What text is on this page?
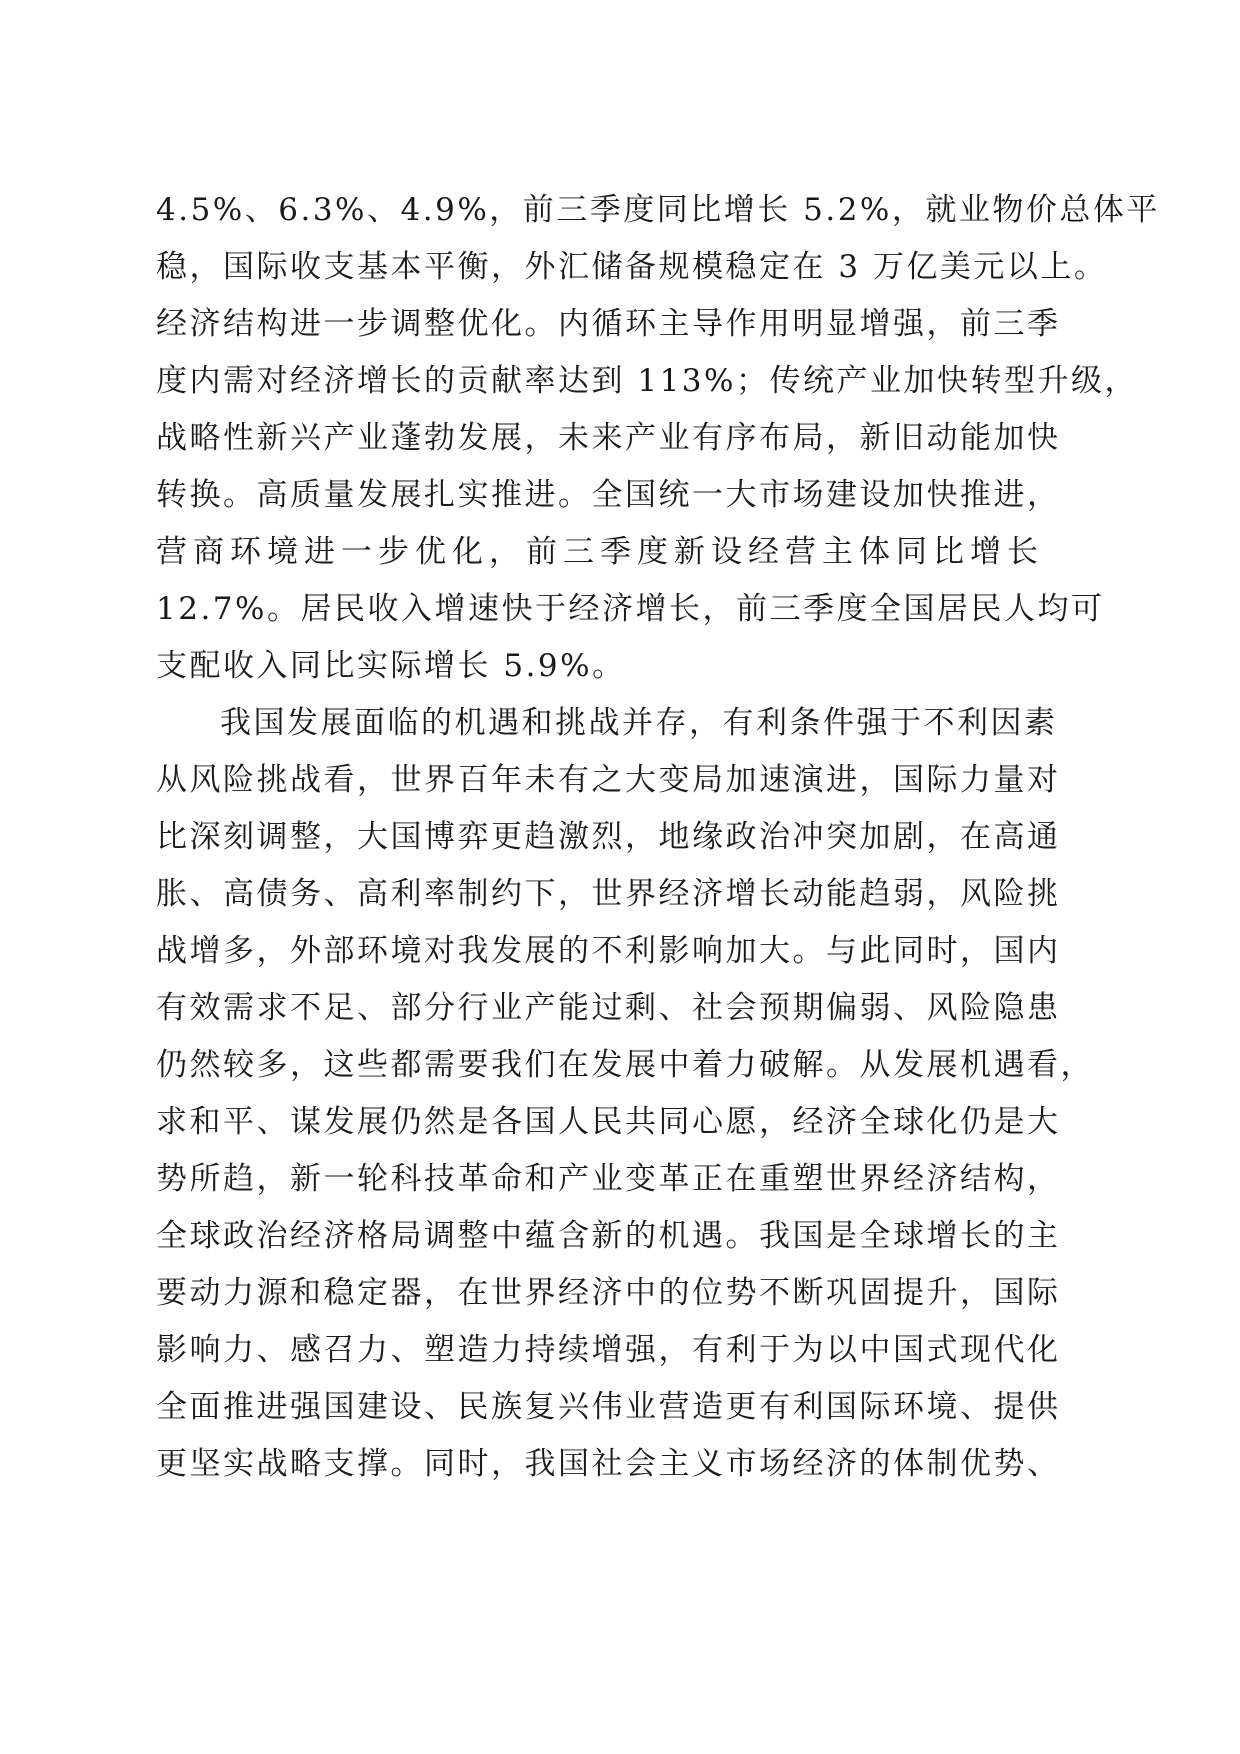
4.5%、6.3%、4.9%，前三季度同比增长 5.2%，就业物价总体平
稳，国际收支基本平衡，外汇储备规模稳定在 3 万亿美元以上。
经济结构进一步调整优化。内循环主导作用明显增强，前三季
度内需对经济增长的贡献率达到 113%；传统产业加快转型升级，
战略性新兴产业蓬勃发展，未来产业有序布局，新旧动能加快
转换。高质量发展扎实推进。全国统一大市场建设加快推进，
营商环境进一步优化，前三季度新设经营主体同比增长
12.7%。居民收入增速快于经济增长，前三季度全国居民人均可
支配收入同比实际增长 5.9%。
我国发展面临的机遇和挑战并存，有利条件强于不利因素
从风险挑战看，世界百年未有之大变局加速演进，国际力量对
比深刻调整，大国博弈更趋激烈，地缘政治冲突加剧，在高通
胀、高债务、高利率制约下，世界经济增长动能趋弱，风险挑
战增多，外部环境对我发展的不利影响加大。与此同时，国内
有效需求不足、部分行业产能过剩、社会预期偏弱、风险隐患
仍然较多，这些都需要我们在发展中着力破解。从发展机遇看，
求和平、谋发展仍然是各国人民共同心愿，经济全球化仍是大
势所趋，新一轮科技革命和产业变革正在重塑世界经济结构，
全球政治经济格局调整中蕴含新的机遇。我国是全球增长的主
要动力源和稳定器，在世界经济中的位势不断巩固提升，国际
影响力、感召力、塑造力持续增强，有利于为以中国式现代化
全面推进强国建设、民族复兴伟业营造更有利国际环境、提供
更坚实战略支撑。同时，我国社会主义市场经济的体制优势、
